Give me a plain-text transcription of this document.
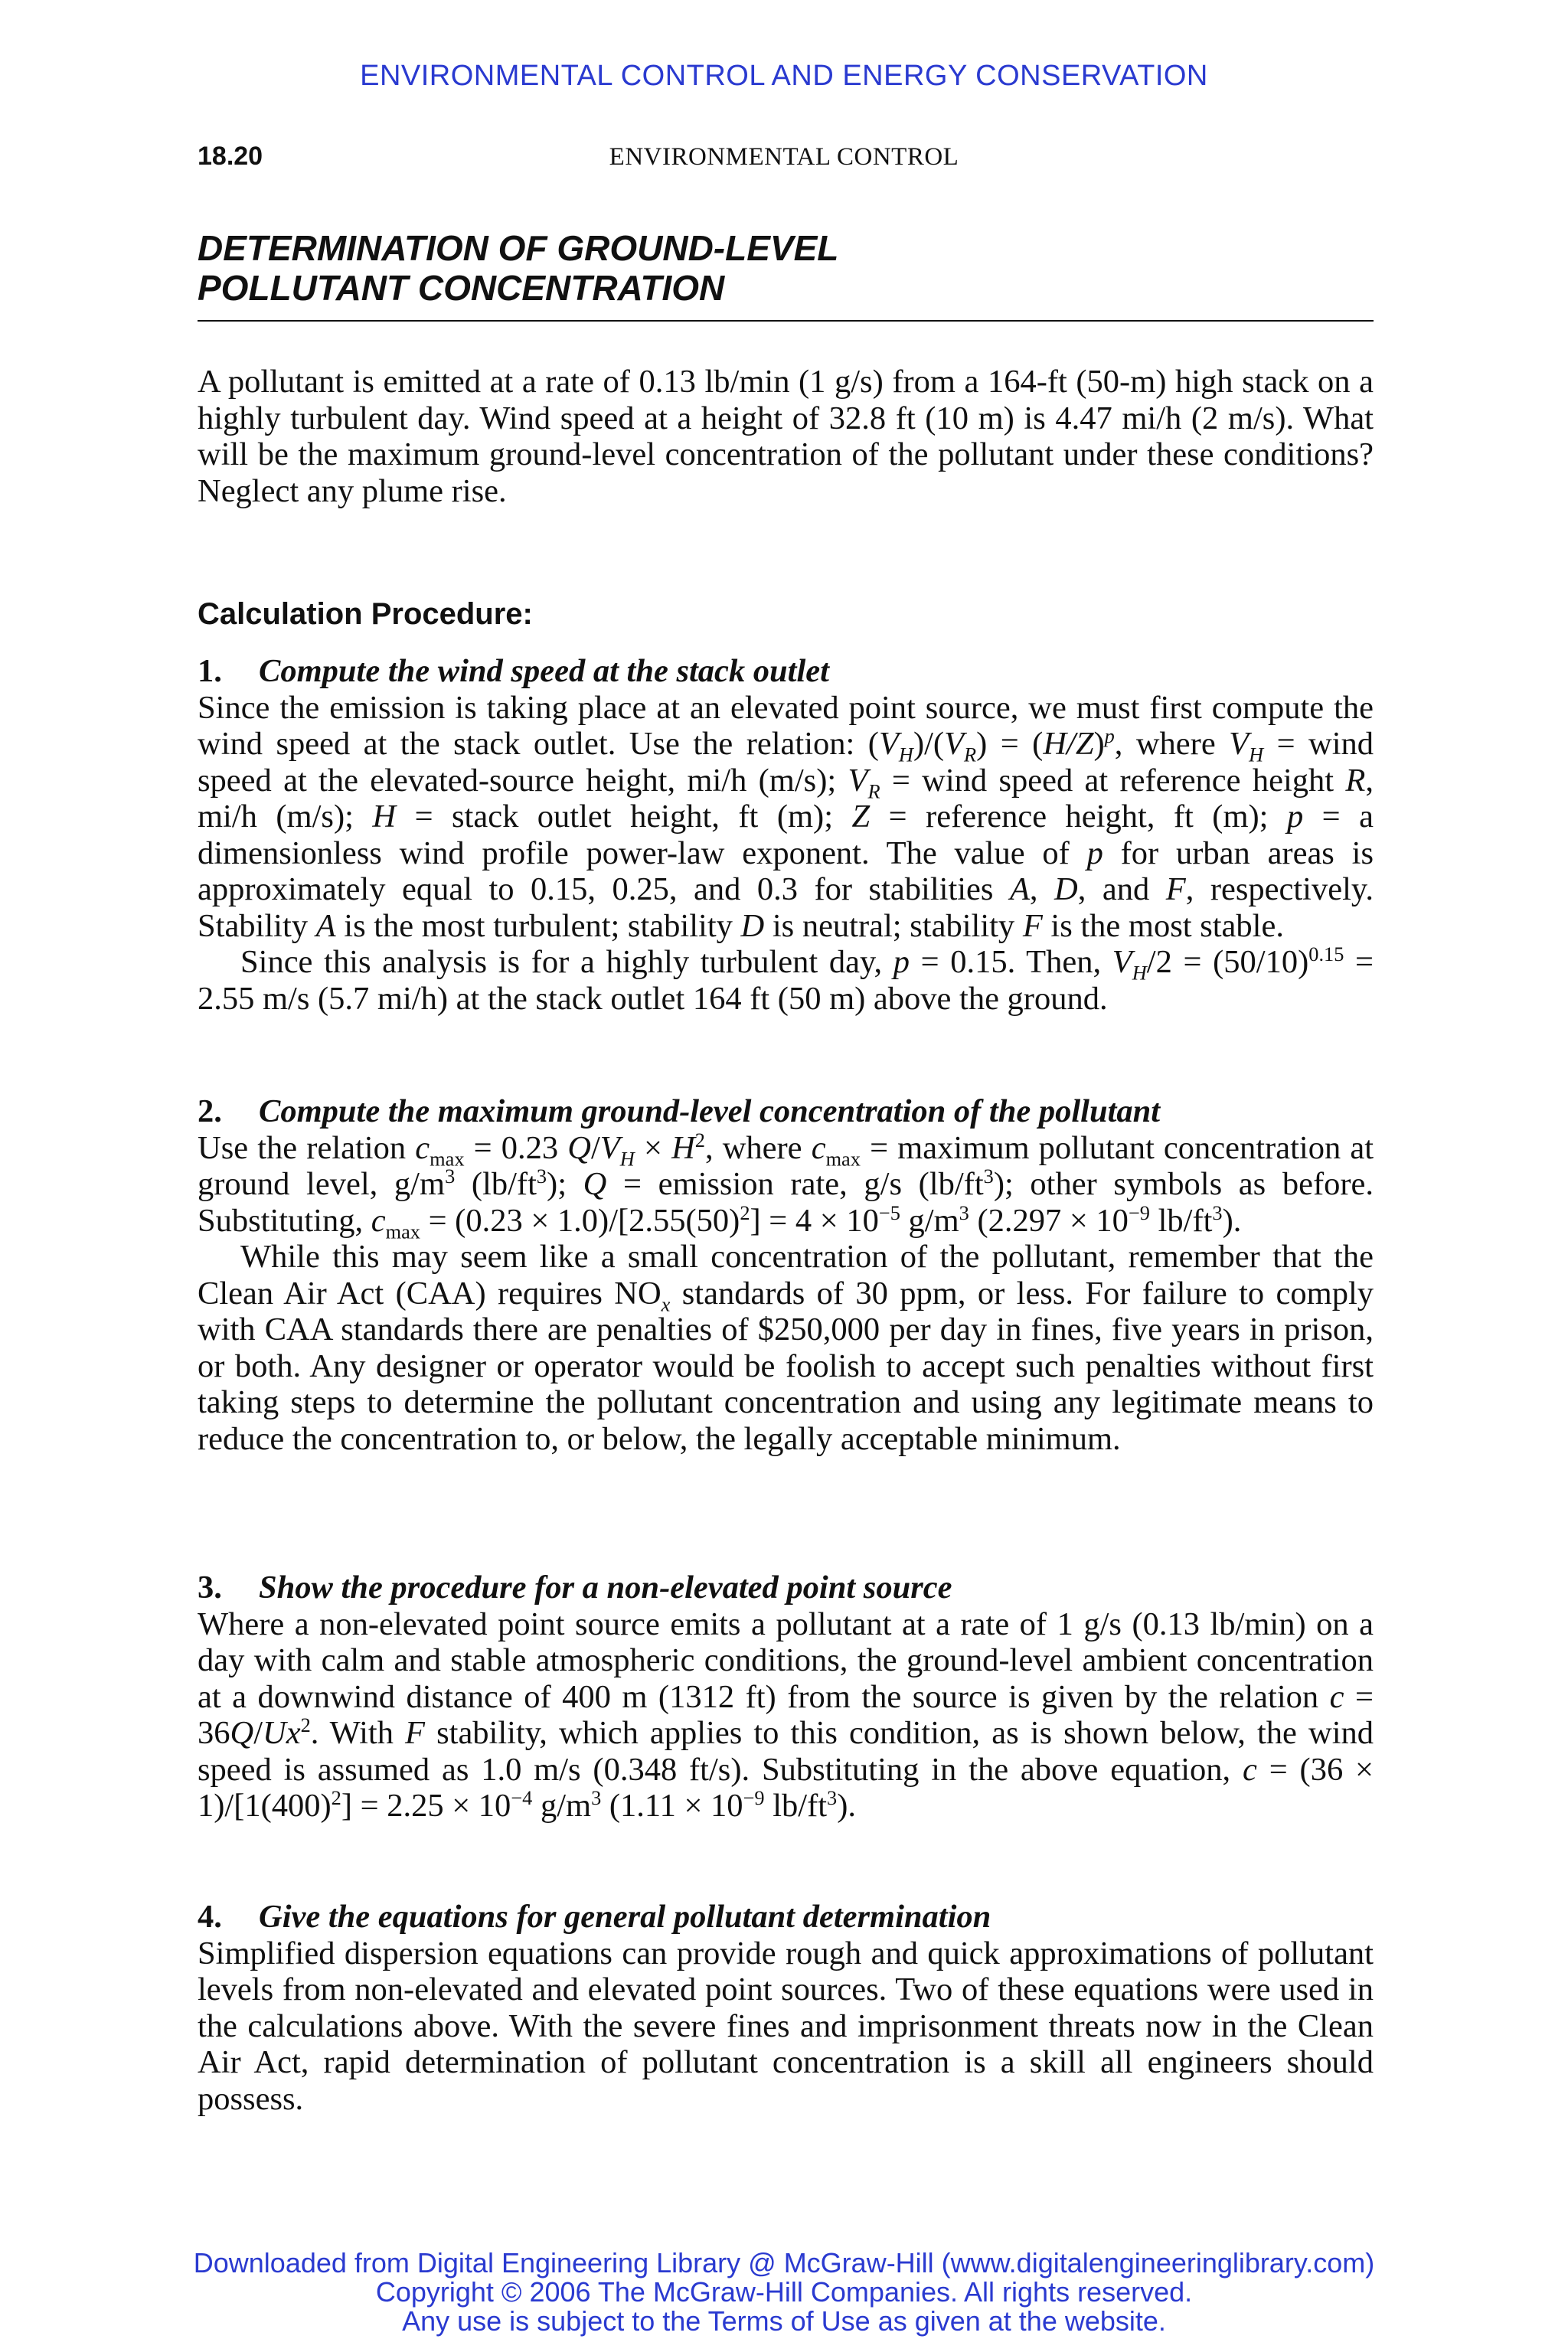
ENVIRONMENTAL CONTROL AND ENERGY CONSERVATION
18.20	ENVIRONMENTAL CONTROL
DETERMINATION OF GROUND-LEVEL
POLLUTANT CONCENTRATION

A pollutant is emitted at a rate of 0.13 lb/min (1 g/s) from a 164-ft (50-m) high stack on a highly turbulent day. Wind speed at a height of 32.8 ft (10 m) is 4.47 mi/h (2 m/s). What will be the maximum ground-level concentration of the pollutant under these conditions? Neglect any plume rise.

Calculation Procedure:
1. Compute the wind speed at the stack outlet

Since the emission is taking place at an elevated point source, we must first compute the wind speed at the stack outlet. Use the relation: $(V_H)/(V_R) = (H/Z)^p$, where $V_H$ = wind speed at the elevated-source height, mi/h (m/s); $V_R$ = wind speed at reference height R, mi/h (m/s); H = stack outlet height, ft (m); Z = reference height, ft (m); p = a dimensionless wind profile power-law exponent. The value of p for urban areas is approximately equal to 0.15, 0.25, and 0.3 for stabilities A, D, and F, respectively. Stability A is the most turbulent; stability D is neutral; stability F is the most stable.

Since this analysis is for a highly turbulent day, p = 0.15. Then, $V_H/2 = (50/10)^{0.15} = 2.55$ m/s (5.7 mi/h) at the stack outlet 164 ft (50 m) above the ground.

2. Compute the maximum ground-level concentration of the pollutant

Use the relation $c_{max} = 0.23$ $Q/V_H \times H^2$, where $c_{max}$ = maximum pollutant concentration at ground level, $g/m^3$ $(lb/ft^3)$; Q = emission rate, g/s $(lb/ft^3)$; other symbols as before. Substituting, $c_{max} = (0.23 \times 1.0)/[2.55(50)^2] = 4 \times 10^{-5}$ $g/m^3$ ($2.297 \times 10^{-9}$ $lb/ft^3$).

While this may seem like a small concentration of the pollutant, remember that the Clean Air Act (CAA) requires $NO_x$ standards of 30 ppm, or less. For failure to comply with CAA standards there are penalties of $250,000 per day in fines, five years in prison, or both. Any designer or operator would be foolish to accept such penalties without first taking steps to determine the pollutant concentration and using any legitimate means to reduce the concentration to, or below, the legally acceptable minimum.

3. Show the procedure for a non-elevated point source

Where a non-elevated point source emits a pollutant at a rate of 1 g/s (0.13 lb/min) on a day with calm and stable atmospheric conditions, the ground-level ambient concentration at a downwind distance of 400 m (1312 ft) from the source is given by the relation $c = 36Q/Ux^2$. With F stability, which applies to this condition, as is shown below, the wind speed is assumed as 1.0 m/s (0.348 ft/s). Substituting in the above equation, $c = (36 \times 1)/[1(400)^2] = 2.25 \times 10^{-4}$ $g/m^3$ ($1.11 \times 10^{-9}$ $lb/ft^3$).

4. Give the equations for general pollutant determination

Simplified dispersion equations can provide rough and quick approximations of pollutant levels from non-elevated and elevated point sources. Two of these equations were used in the calculations above. With the severe fines and imprisonment threats now in the Clean Air Act, rapid determination of pollutant concentration is a skill all engineers should possess.

Downloaded from Digital Engineering Library @ McGraw-Hill (www.digitalengineeringlibrary.com)
Copyright © 2006 The McGraw-Hill Companies. All rights reserved.
Any use is subject to the Terms of Use as given at the website.
